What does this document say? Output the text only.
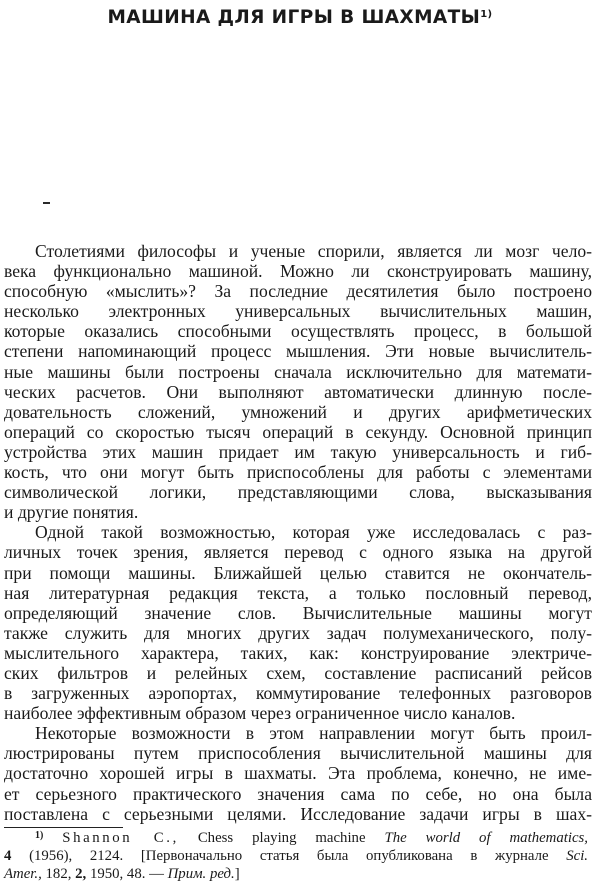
МАШИНА ДЛЯ ИГРЫ В ШАХМАТЫ$^{1)}$
Столетиями философы и ученые спорили, является ли мозг чело-
века функционально машиной. Можно ли сконструировать машину,
способную «мыслить»? За последние десятилетия было построено
несколько электронных универсальных вычислительных машин,
которые оказались способными осуществлять процесс, в большой
степени напоминающий процесс мышления. Эти новые вычислитель-
ные машины были построены сначала исключительно для математи-
ческих расчетов. Они выполняют автоматически длинную после-
довательность сложений, умножений и других арифметических
операций со скоростью тысяч операций в секунду. Основной принцип
устройства этих машин придает им такую универсальность и гиб-
кость, что они могут быть приспособлены для работы с элементами
символической логики, представляющими слова, высказывания
и другие понятия.
Одной такой возможностью, которая уже исследовалась с раз-
личных точек зрения, является перевод с одного языка на другой
при помощи машины. Ближайшей целью ставится не окончатель-
ная литературная редакция текста, а только пословный перевод,
определяющий значение слов. Вычислительные машины могут
также служить для многих других задач полумеханического, полу-
мыслительного характера, таких, как: конструирование электриче-
ских фильтров и релейных схем, составление расписаний рейсов
в загруженных аэропортах, коммутирование телефонных разговоров
наиболее эффективным образом через ограниченное число каналов.
Некоторые возможности в этом направлении могут быть проил-
люстрированы путем приспособления вычислительной машины для
достаточно хорошей игры в шахматы. Эта проблема, конечно, не име-
ет серьезного практического значения сама по себе, но она была
поставлена с серьезными целями. Исследование задачи игры в шах-
$^{1)}$ Shannon C., Chess playing machine The world of mathematics,
4 (1956), 2124. [Первоначально статья была опубликована в журнале Sci.
Amer., 182, 2, 1950, 48. — Прим. ред.]
